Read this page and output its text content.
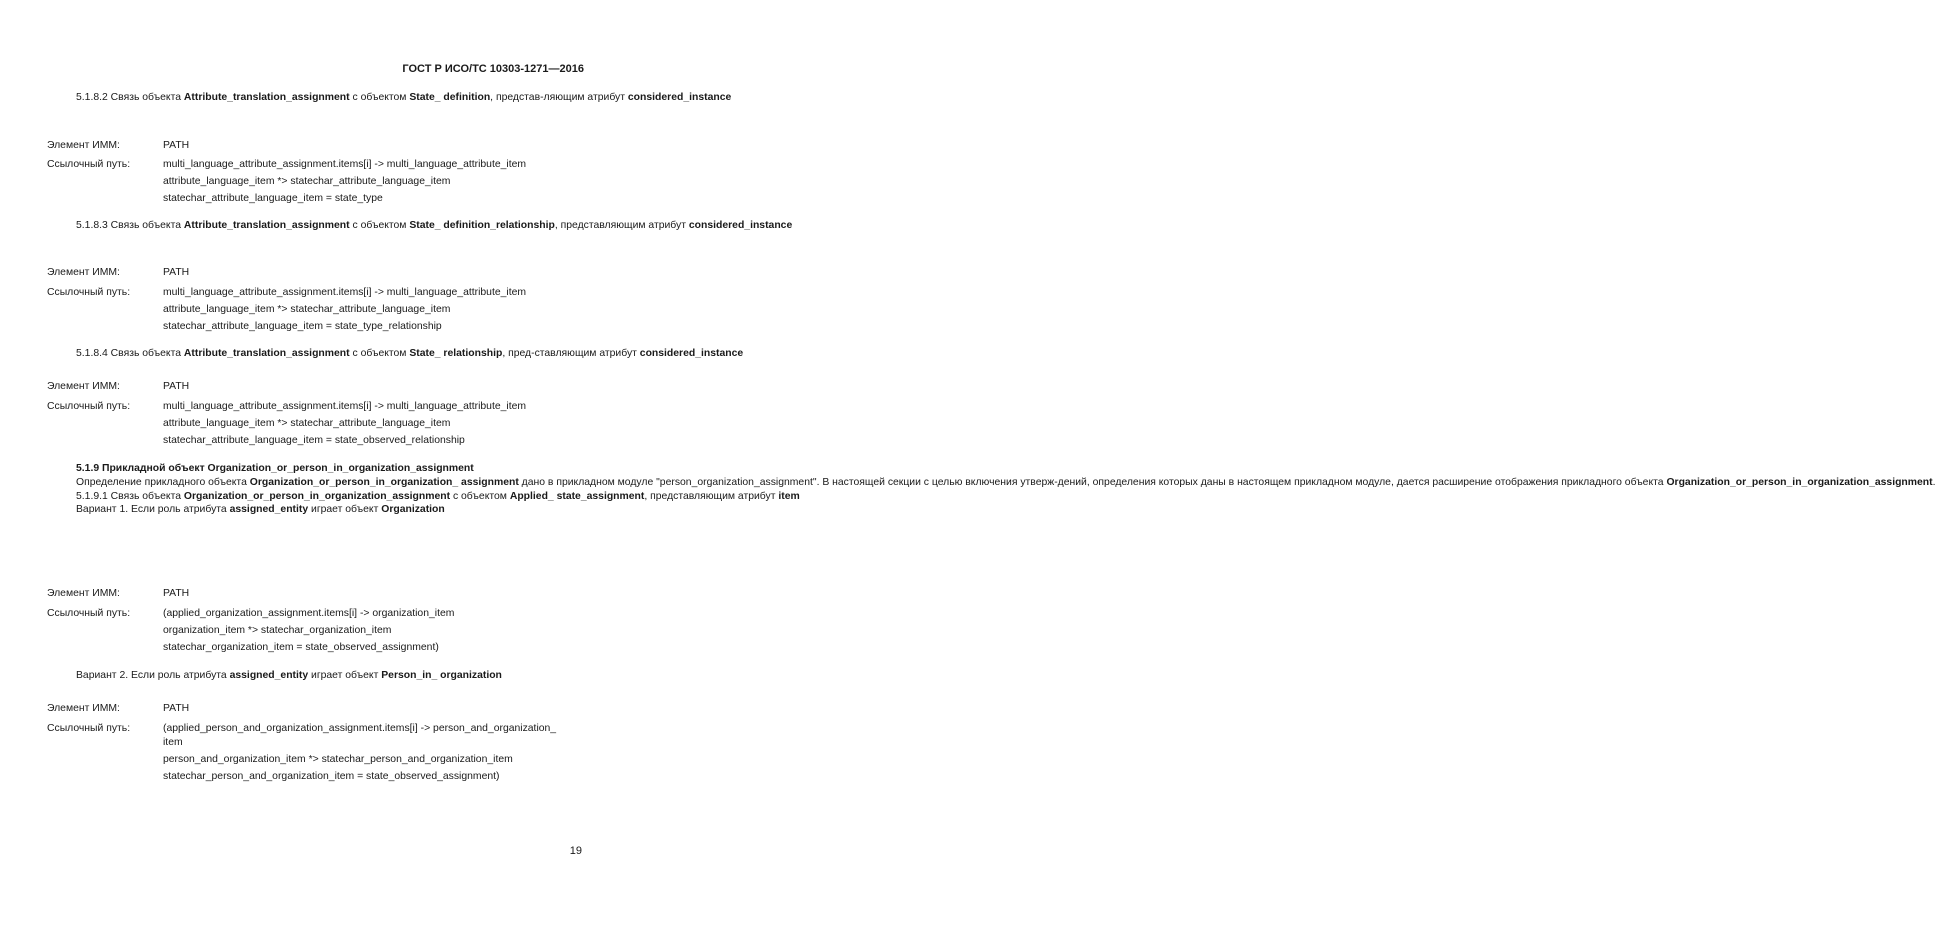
ГОСТ Р ИСО/ТС 10303-1271—2016

5.1.8.2 Связь объекта Attribute_translation_assignment с объектом State_ definition, представ-ляющим атрибут considered_instance

Элемент ИММ:	PATH
Ссылочный путь:	multi_language_attribute_assignment.items[i] -> multi_language_attribute_item
attribute_language_item *> statechar_attribute_language_item
statechar_attribute_language_item = state_type

5.1.8.3 Связь объекта Attribute_translation_assignment с объектом State_ definition_relationship, представляющим атрибут considered_instance

Элемент ИММ:	PATH
Ссылочный путь:	multi_language_attribute_assignment.items[i] -> multi_language_attribute_item
attribute_language_item *> statechar_attribute_language_item
statechar_attribute_language_item = state_type_relationship

5.1.8.4 Связь объекта Attribute_translation_assignment с объектом State_ relationship, пред-ставляющим атрибут considered_instance

Элемент ИММ:	PATH
Ссылочный путь:	multi_language_attribute_assignment.items[i] -> multi_language_attribute_item
attribute_language_item *> statechar_attribute_language_item
statechar_attribute_language_item = state_observed_relationship

5.1.9 Прикладной объект Organization_or_person_in_organization_assignment

Определение прикладного объекта Organization_or_person_in_organization_ assignment дано в прикладном модуле "person_organization_assignment". В настоящей секции с целью включения утверж-дений, определения которых даны в настоящем прикладном модуле, дается расширение отображения прикладного объекта Organization_or_person_in_organization_assignment.

5.1.9.1 Связь объекта Organization_or_person_in_organization_assignment с объектом Applied_ state_assignment, представляющим атрибут item

Вариант 1. Если роль атрибута assigned_entity играет объект Organization

Элемент ИММ:	PATH
Ссылочный путь:	(applied_organization_assignment.items[i] -> organization_item
organization_item *> statechar_organization_item
statechar_organization_item = state_observed_assignment)

Вариант 2. Если роль атрибута assigned_entity играет объект Person_in_ organization

Элемент ИММ:	PATH
Ссылочный путь:	(applied_person_and_organization_assignment.items[i] -> person_and_organization_
item
person_and_organization_item *> statechar_person_and_organization_item
statechar_person_and_organization_item = state_observed_assignment)
19
